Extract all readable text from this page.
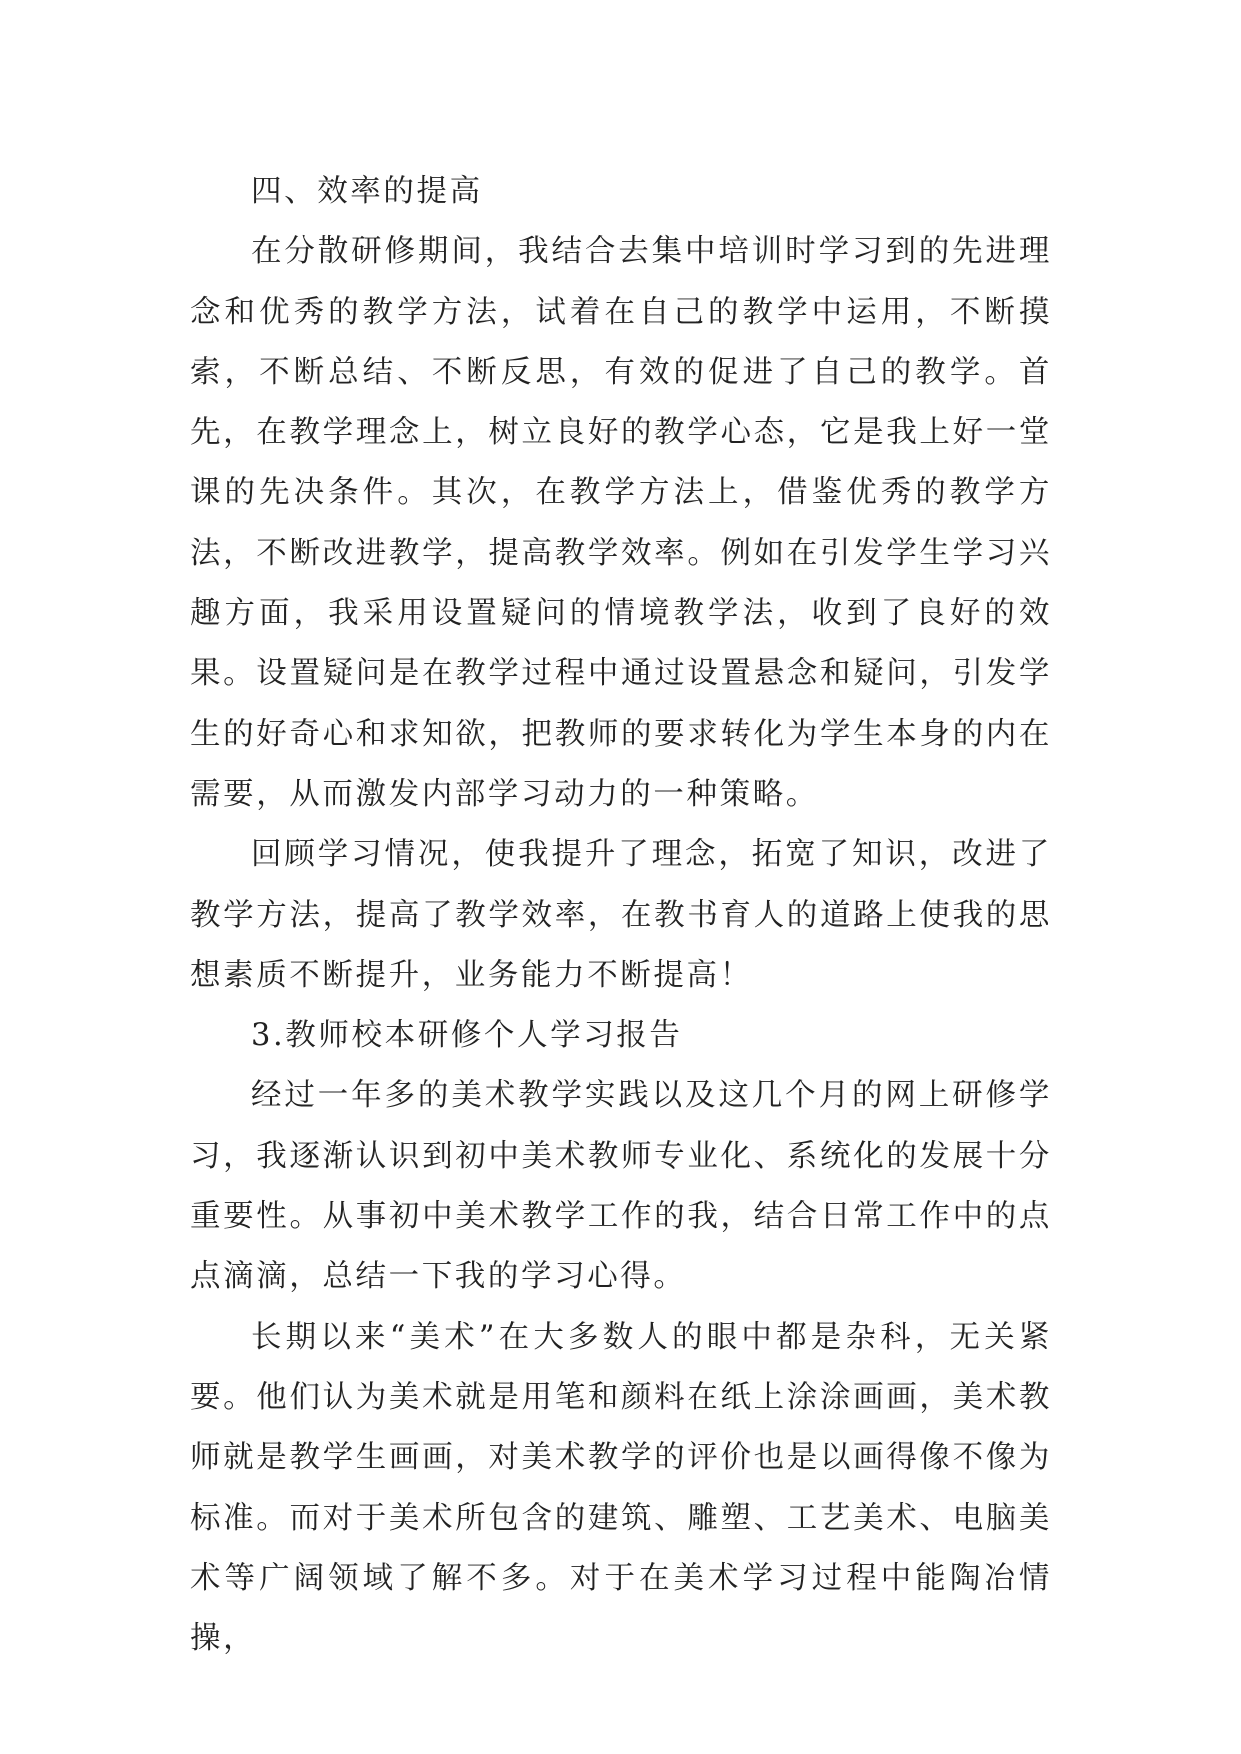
四、效率的提高

在分散研修期间，我结合去集中培训时学习到的先进理念和优秀的教学方法，试着在自己的教学中运用，不断摸索，不断总结、不断反思，有效的促进了自己的教学。首先，在教学理念上，树立良好的教学心态，它是我上好一堂课的先决条件。其次，在教学方法上，借鉴优秀的教学方法，不断改进教学，提高教学效率。例如在引发学生学习兴趣方面，我采用设置疑问的情境教学法，收到了良好的效果。设置疑问是在教学过程中通过设置悬念和疑问，引发学生的好奇心和求知欲，把教师的要求转化为学生本身的内在需要，从而激发内部学习动力的一种策略。

回顾学习情况，使我提升了理念，拓宽了知识，改进了教学方法，提高了教学效率，在教书育人的道路上使我的思想素质不断提升，业务能力不断提高！

3.教师校本研修个人学习报告

经过一年多的美术教学实践以及这几个月的网上研修学习，我逐渐认识到初中美术教师专业化、系统化的发展十分重要性。从事初中美术教学工作的我，结合日常工作中的点点滴滴，总结一下我的学习心得。

长期以来“美术”在大多数人的眼中都是杂科，无关紧要。他们认为美术就是用笔和颜料在纸上涂涂画画，美术教师就是教学生画画，对美术教学的评价也是以画得像不像为标准。而对于美术所包含的建筑、雕塑、工艺美术、电脑美术等广阔领域了解不多。对于在美术学习过程中能陶冶情操，
